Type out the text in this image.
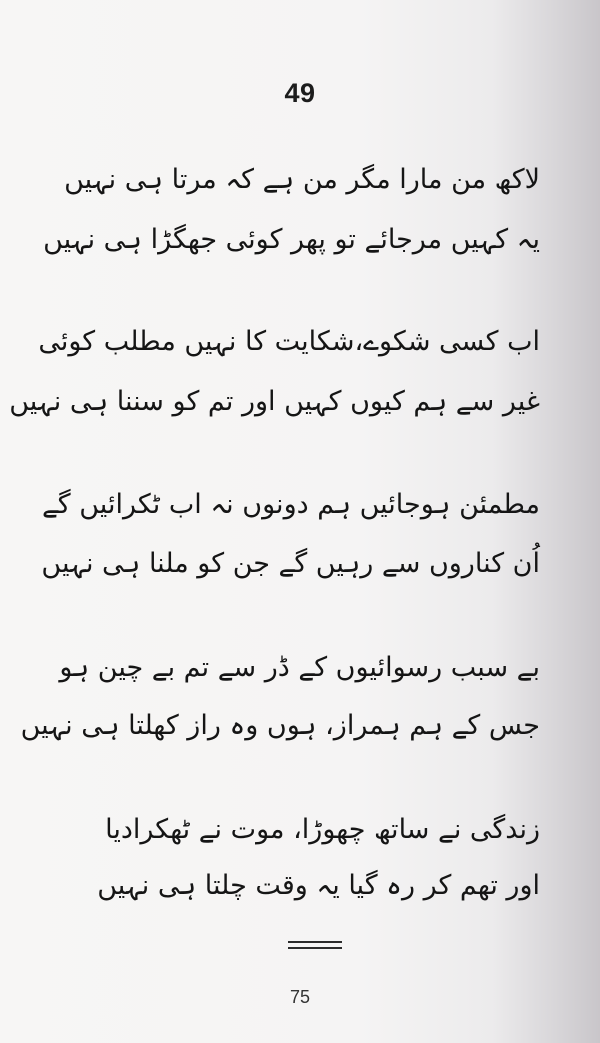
49
لاکھ من مارا مگر من ہے کہ مرتا ہی نہیں
یہ کہیں مرجائے تو پھر کوئی جھگڑا ہی نہیں
اب کسی شکوے،شکایت کا نہیں مطلب کوئی
غیر سے ہم کیوں کہیں اور تم کو سننا ہی نہیں
مطمئن ہوجائیں ہم دونوں نہ اب ٹکرائیں گے
اُن کناروں سے رہیں گے جن کو ملنا ہی نہیں
بے سبب رسوائیوں کے ڈر سے تم بے چین ہو
جس کے ہم ہمراز، ہوں وہ راز کھلتا ہی نہیں
زندگی نے ساتھ چھوڑا، موت نے ٹھکرادیا
اور تھم کر رہ گیا یہ وقت چلتا ہی نہیں
75
